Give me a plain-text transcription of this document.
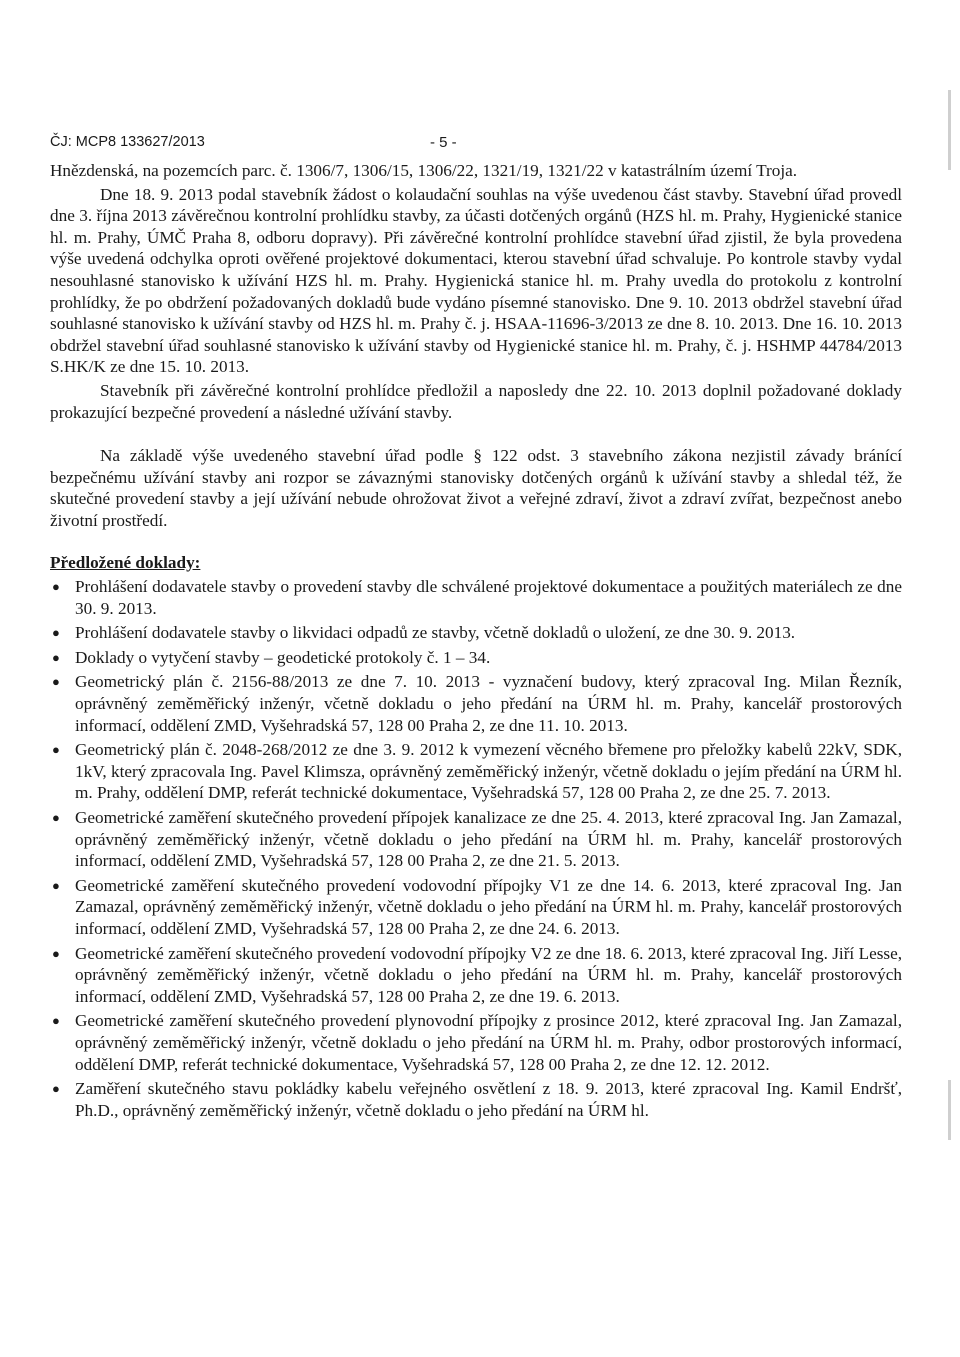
ČJ: MCP8 133627/2013	- 5 -

Hnězdenská, na pozemcích parc. č. 1306/7, 1306/15, 1306/22, 1321/19, 1321/22 v katastrálním území Troja.

Dne 18. 9. 2013 podal stavebník žádost o kolaudační souhlas na výše uvedenou část stavby. Stavební úřad provedl dne 3. října 2013 závěrečnou kontrolní prohlídku stavby, za účasti dotčených orgánů (HZS hl. m. Prahy, Hygienické stanice hl. m. Prahy, ÚMČ Praha 8, odboru dopravy). Při závěrečné kontrolní prohlídce stavební úřad zjistil, že byla provedena výše uvedená odchylka oproti ověřené projektové dokumentaci, kterou stavební úřad schvaluje. Po kontrole stavby vydal nesouhlasné stanovisko k užívání HZS hl. m. Prahy. Hygienická stanice hl. m. Prahy uvedla do protokolu z kontrolní prohlídky, že po obdržení požadovaných dokladů bude vydáno písemné stanovisko. Dne 9. 10. 2013 obdržel stavební úřad souhlasné stanovisko k užívání stavby od HZS hl. m. Prahy č. j. HSAA-11696-3/2013 ze dne 8. 10. 2013. Dne 16. 10. 2013 obdržel stavební úřad souhlasné stanovisko k užívání stavby od Hygienické stanice hl. m. Prahy, č. j. HSHMP 44784/2013 S.HK/K ze dne 15. 10. 2013.

Stavebník při závěrečné kontrolní prohlídce předložil a naposledy dne 22. 10. 2013 doplnil požadované doklady prokazující bezpečné provedení a následné užívání stavby.

Na základě výše uvedeného stavební úřad podle § 122 odst. 3 stavebního zákona nezjistil závady bránící bezpečnému užívání stavby ani rozpor se závaznými stanovisky dotčených orgánů k užívání stavby a shledal též, že skutečné provedení stavby a její užívání nebude ohrožovat život a veřejné zdraví, život a zdraví zvířat, bezpečnost anebo životní prostředí.

Předložené doklady:
● Prohlášení dodavatele stavby o provedení stavby dle schválené projektové dokumentace a použitých materiálech ze dne 30. 9. 2013.
● Prohlášení dodavatele stavby o likvidaci odpadů ze stavby, včetně dokladů o uložení, ze dne 30. 9. 2013.
● Doklady o vytyčení stavby – geodetické protokoly č. 1 – 34.
● Geometrický plán č. 2156-88/2013 ze dne 7. 10. 2013 - vyznačení budovy, který zpracoval Ing. Milan Řezník, oprávněný zeměměřický inženýr, včetně dokladu o jeho předání na ÚRM hl. m. Prahy, kancelář prostorových informací, oddělení ZMD, Vyšehradská 57, 128 00 Praha 2, ze dne 11. 10. 2013.
● Geometrický plán č. 2048-268/2012 ze dne 3. 9. 2012 k vymezení věcného břemene pro přeložky kabelů 22kV, SDK, 1kV, který zpracovala Ing. Pavel Klimsza, oprávněný zeměměřický inženýr, včetně dokladu o jejím předání na ÚRM hl. m. Prahy, oddělení DMP, referát technické dokumentace, Vyšehradská 57, 128 00 Praha 2, ze dne 25. 7. 2013.
● Geometrické zaměření skutečného provedení přípojek kanalizace ze dne 25. 4. 2013, které zpracoval Ing. Jan Zamazal, oprávněný zeměměřický inženýr, včetně dokladu o jeho předání na ÚRM hl. m. Prahy, kancelář prostorových informací, oddělení ZMD, Vyšehradská 57, 128 00 Praha 2, ze dne 21. 5. 2013.
● Geometrické zaměření skutečného provedení vodovodní přípojky V1 ze dne 14. 6. 2013, které zpracoval Ing. Jan Zamazal, oprávněný zeměměřický inženýr, včetně dokladu o jeho předání na ÚRM hl. m. Prahy, kancelář prostorových informací, oddělení ZMD, Vyšehradská 57, 128 00 Praha 2, ze dne 24. 6. 2013.
● Geometrické zaměření skutečného provedení vodovodní přípojky V2 ze dne 18. 6. 2013, které zpracoval Ing. Jiří Lesse, oprávněný zeměměřický inženýr, včetně dokladu o jeho předání na ÚRM hl. m. Prahy, kancelář prostorových informací, oddělení ZMD, Vyšehradská 57, 128 00 Praha 2, ze dne 19. 6. 2013.
● Geometrické zaměření skutečného provedení plynovodní přípojky z prosince 2012, které zpracoval Ing. Jan Zamazal, oprávněný zeměměřický inženýr, včetně dokladu o jeho předání na ÚRM hl. m. Prahy, odbor prostorových informací, oddělení DMP, referát technické dokumentace, Vyšehradská 57, 128 00 Praha 2, ze dne 12. 12. 2012.
● Zaměření skutečného stavu pokládky kabelu veřejného osvětlení z 18. 9. 2013, které zpracoval Ing. Kamil Endršť, Ph.D., oprávněný zeměměřický inženýr, včetně dokladu o jeho předání na ÚRM hl.
